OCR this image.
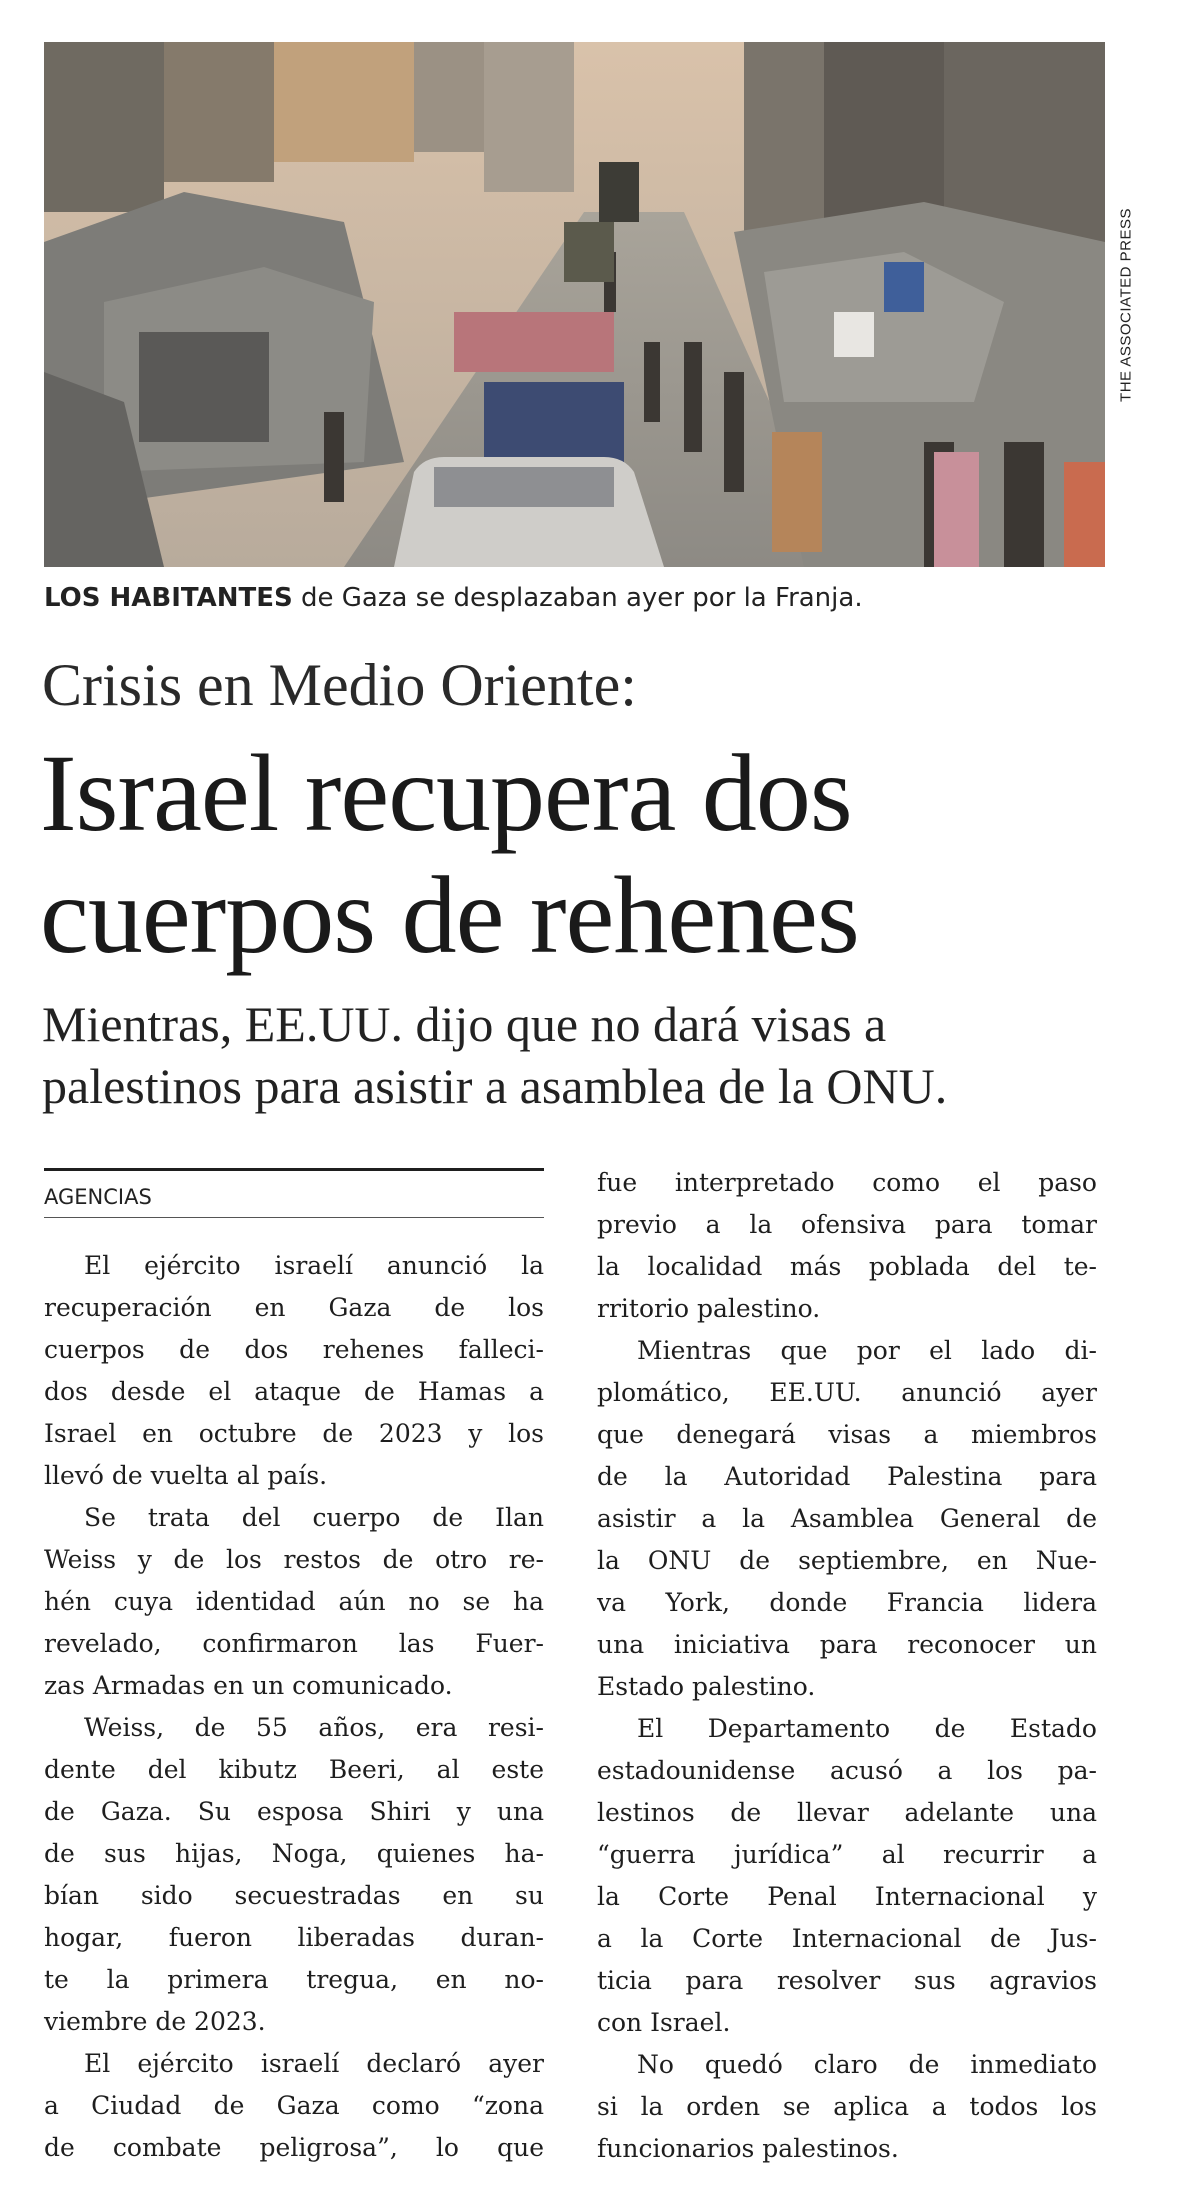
THE ASSOCIATED PRESS
LOS HABITANTES de Gaza se desplazaban ayer por la Franja.
Crisis en Medio Oriente:
Israel recupera dos
cuerpos de rehenes
Mientras, EE.UU. dijo que no dará visas a
palestinos para asistir a asamblea de la ONU.
AGENCIAS
El ejército israelí anunció la
recuperación en Gaza de los
cuerpos de dos rehenes falleci-
dos desde el ataque de Hamas a
Israel en octubre de 2023 y los
llevó de vuelta al país.
Se trata del cuerpo de Ilan
Weiss y de los restos de otro re-
hén cuya identidad aún no se ha
revelado, confirmaron las Fuer-
zas Armadas en un comunicado.
Weiss, de 55 años, era resi-
dente del kibutz Beeri, al este
de Gaza. Su esposa Shiri y una
de sus hijas, Noga, quienes ha-
bían sido secuestradas en su
hogar, fueron liberadas duran-
te la primera tregua, en no-
viembre de 2023.
El ejército israelí declaró ayer
a Ciudad de Gaza como “zona
de combate peligrosa”, lo que
fue interpretado como el paso
previo a la ofensiva para tomar
la localidad más poblada del te-
rritorio palestino.
Mientras que por el lado di-
plomático, EE.UU. anunció ayer
que denegará visas a miembros
de la Autoridad Palestina para
asistir a la Asamblea General de
la ONU de septiembre, en Nue-
va York, donde Francia lidera
una iniciativa para reconocer un
Estado palestino.
El Departamento de Estado
estadounidense acusó a los pa-
lestinos de llevar adelante una
“guerra jurídica” al recurrir a
la Corte Penal Internacional y
a la Corte Internacional de Jus-
ticia para resolver sus agravios
con Israel.
No quedó claro de inmediato
si la orden se aplica a todos los
funcionarios palestinos.
